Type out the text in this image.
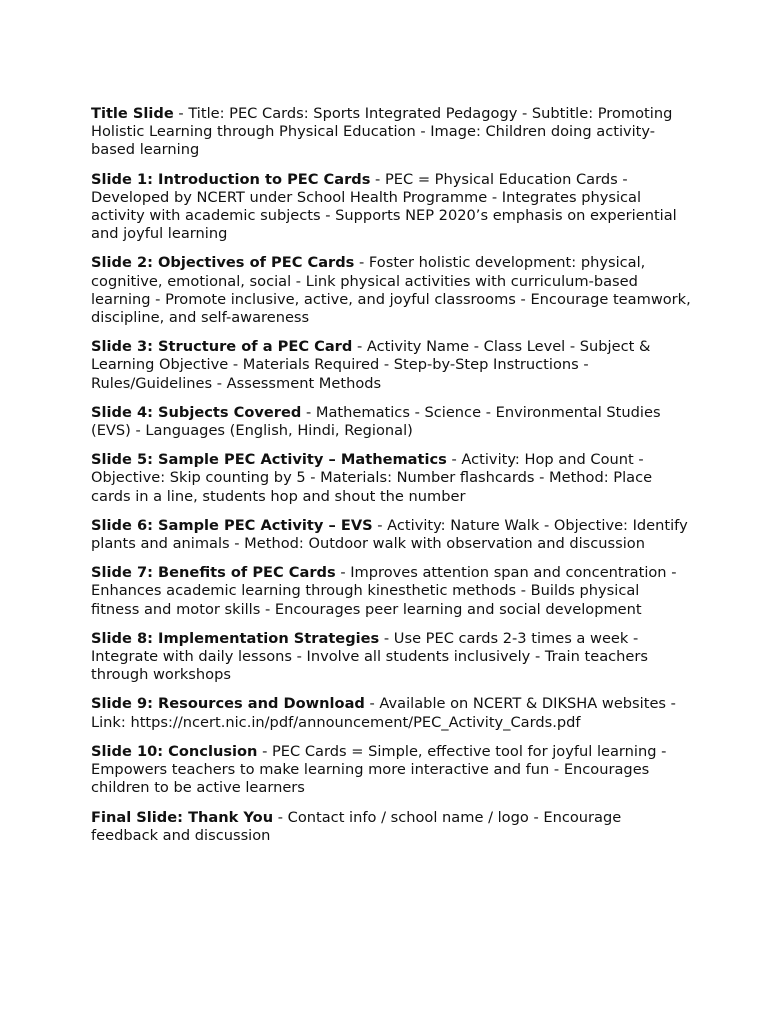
Title Slide - Title: PEC Cards: Sports Integrated Pedagogy - Subtitle: Promoting Holistic Learning through Physical Education - Image: Children doing activity-based learning

Slide 1: Introduction to PEC Cards - PEC = Physical Education Cards - Developed by NCERT under School Health Programme - Integrates physical activity with academic subjects - Supports NEP 2020’s emphasis on experiential and joyful learning

Slide 2: Objectives of PEC Cards - Foster holistic development: physical, cognitive, emotional, social - Link physical activities with curriculum-based learning - Promote inclusive, active, and joyful classrooms - Encourage teamwork, discipline, and self-awareness

Slide 3: Structure of a PEC Card - Activity Name - Class Level - Subject & Learning Objective - Materials Required - Step-by-Step Instructions - Rules/Guidelines - Assessment Methods

Slide 4: Subjects Covered - Mathematics - Science - Environmental Studies (EVS) - Languages (English, Hindi, Regional)

Slide 5: Sample PEC Activity – Mathematics - Activity: Hop and Count - Objective: Skip counting by 5 - Materials: Number flashcards - Method: Place cards in a line, students hop and shout the number

Slide 6: Sample PEC Activity – EVS - Activity: Nature Walk - Objective: Identify plants and animals - Method: Outdoor walk with observation and discussion

Slide 7: Benefits of PEC Cards - Improves attention span and concentration - Enhances academic learning through kinesthetic methods - Builds physical fitness and motor skills - Encourages peer learning and social development

Slide 8: Implementation Strategies - Use PEC cards 2-3 times a week - Integrate with daily lessons - Involve all students inclusively - Train teachers through workshops

Slide 9: Resources and Download - Available on NCERT & DIKSHA websites - Link: https://ncert.nic.in/pdf/announcement/PEC_Activity_Cards.pdf

Slide 10: Conclusion - PEC Cards = Simple, effective tool for joyful learning - Empowers teachers to make learning more interactive and fun - Encourages children to be active learners

Final Slide: Thank You - Contact info / school name / logo - Encourage feedback and discussion
